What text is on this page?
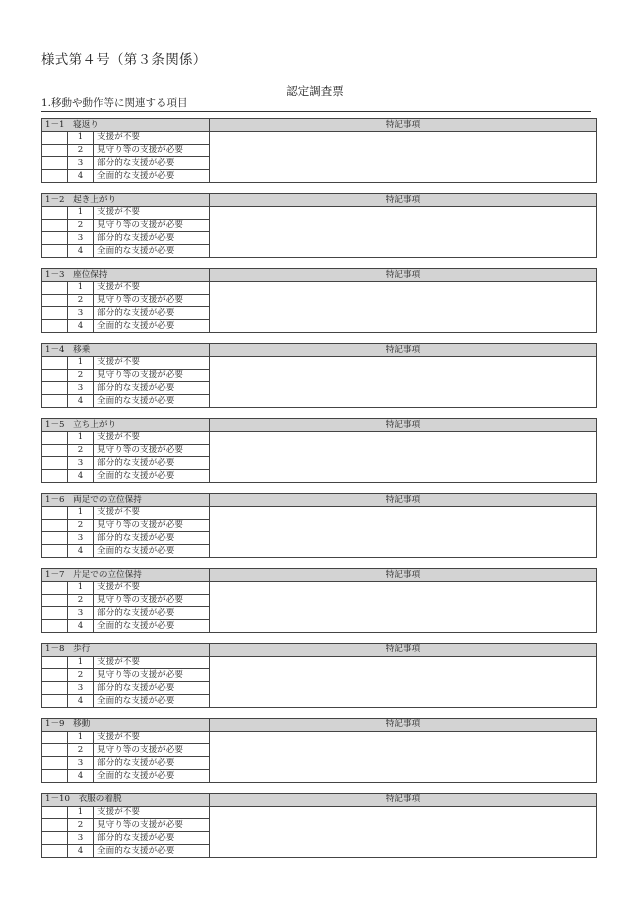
様式第４号（第３条関係）
認定調査票
1.移動や動作等に関連する項目
1－1　寝返り			特記事項
	1	支援が不要	
	2	見守り等の支援が必要	
	3	部分的な支援が必要	
	4	全面的な支援が必要	
1－2　起き上がり			特記事項
	1	支援が不要	
	2	見守り等の支援が必要	
	3	部分的な支援が必要	
	4	全面的な支援が必要	
1－3　座位保持			特記事項
	1	支援が不要	
	2	見守り等の支援が必要	
	3	部分的な支援が必要	
	4	全面的な支援が必要	
1－4　移乗			特記事項
	1	支援が不要	
	2	見守り等の支援が必要	
	3	部分的な支援が必要	
	4	全面的な支援が必要	
1－5　立ち上がり			特記事項
	1	支援が不要	
	2	見守り等の支援が必要	
	3	部分的な支援が必要	
	4	全面的な支援が必要	
1－6　両足での立位保持			特記事項
	1	支援が不要	
	2	見守り等の支援が必要	
	3	部分的な支援が必要	
	4	全面的な支援が必要	
1－7　片足での立位保持			特記事項
	1	支援が不要	
	2	見守り等の支援が必要	
	3	部分的な支援が必要	
	4	全面的な支援が必要	
1－8　歩行			特記事項
	1	支援が不要	
	2	見守り等の支援が必要	
	3	部分的な支援が必要	
	4	全面的な支援が必要	
1－9　移動			特記事項
	1	支援が不要	
	2	見守り等の支援が必要	
	3	部分的な支援が必要	
	4	全面的な支援が必要	
1－10　衣服の着脱			特記事項
	1	支援が不要	
	2	見守り等の支援が必要	
	3	部分的な支援が必要	
	4	全面的な支援が必要	
